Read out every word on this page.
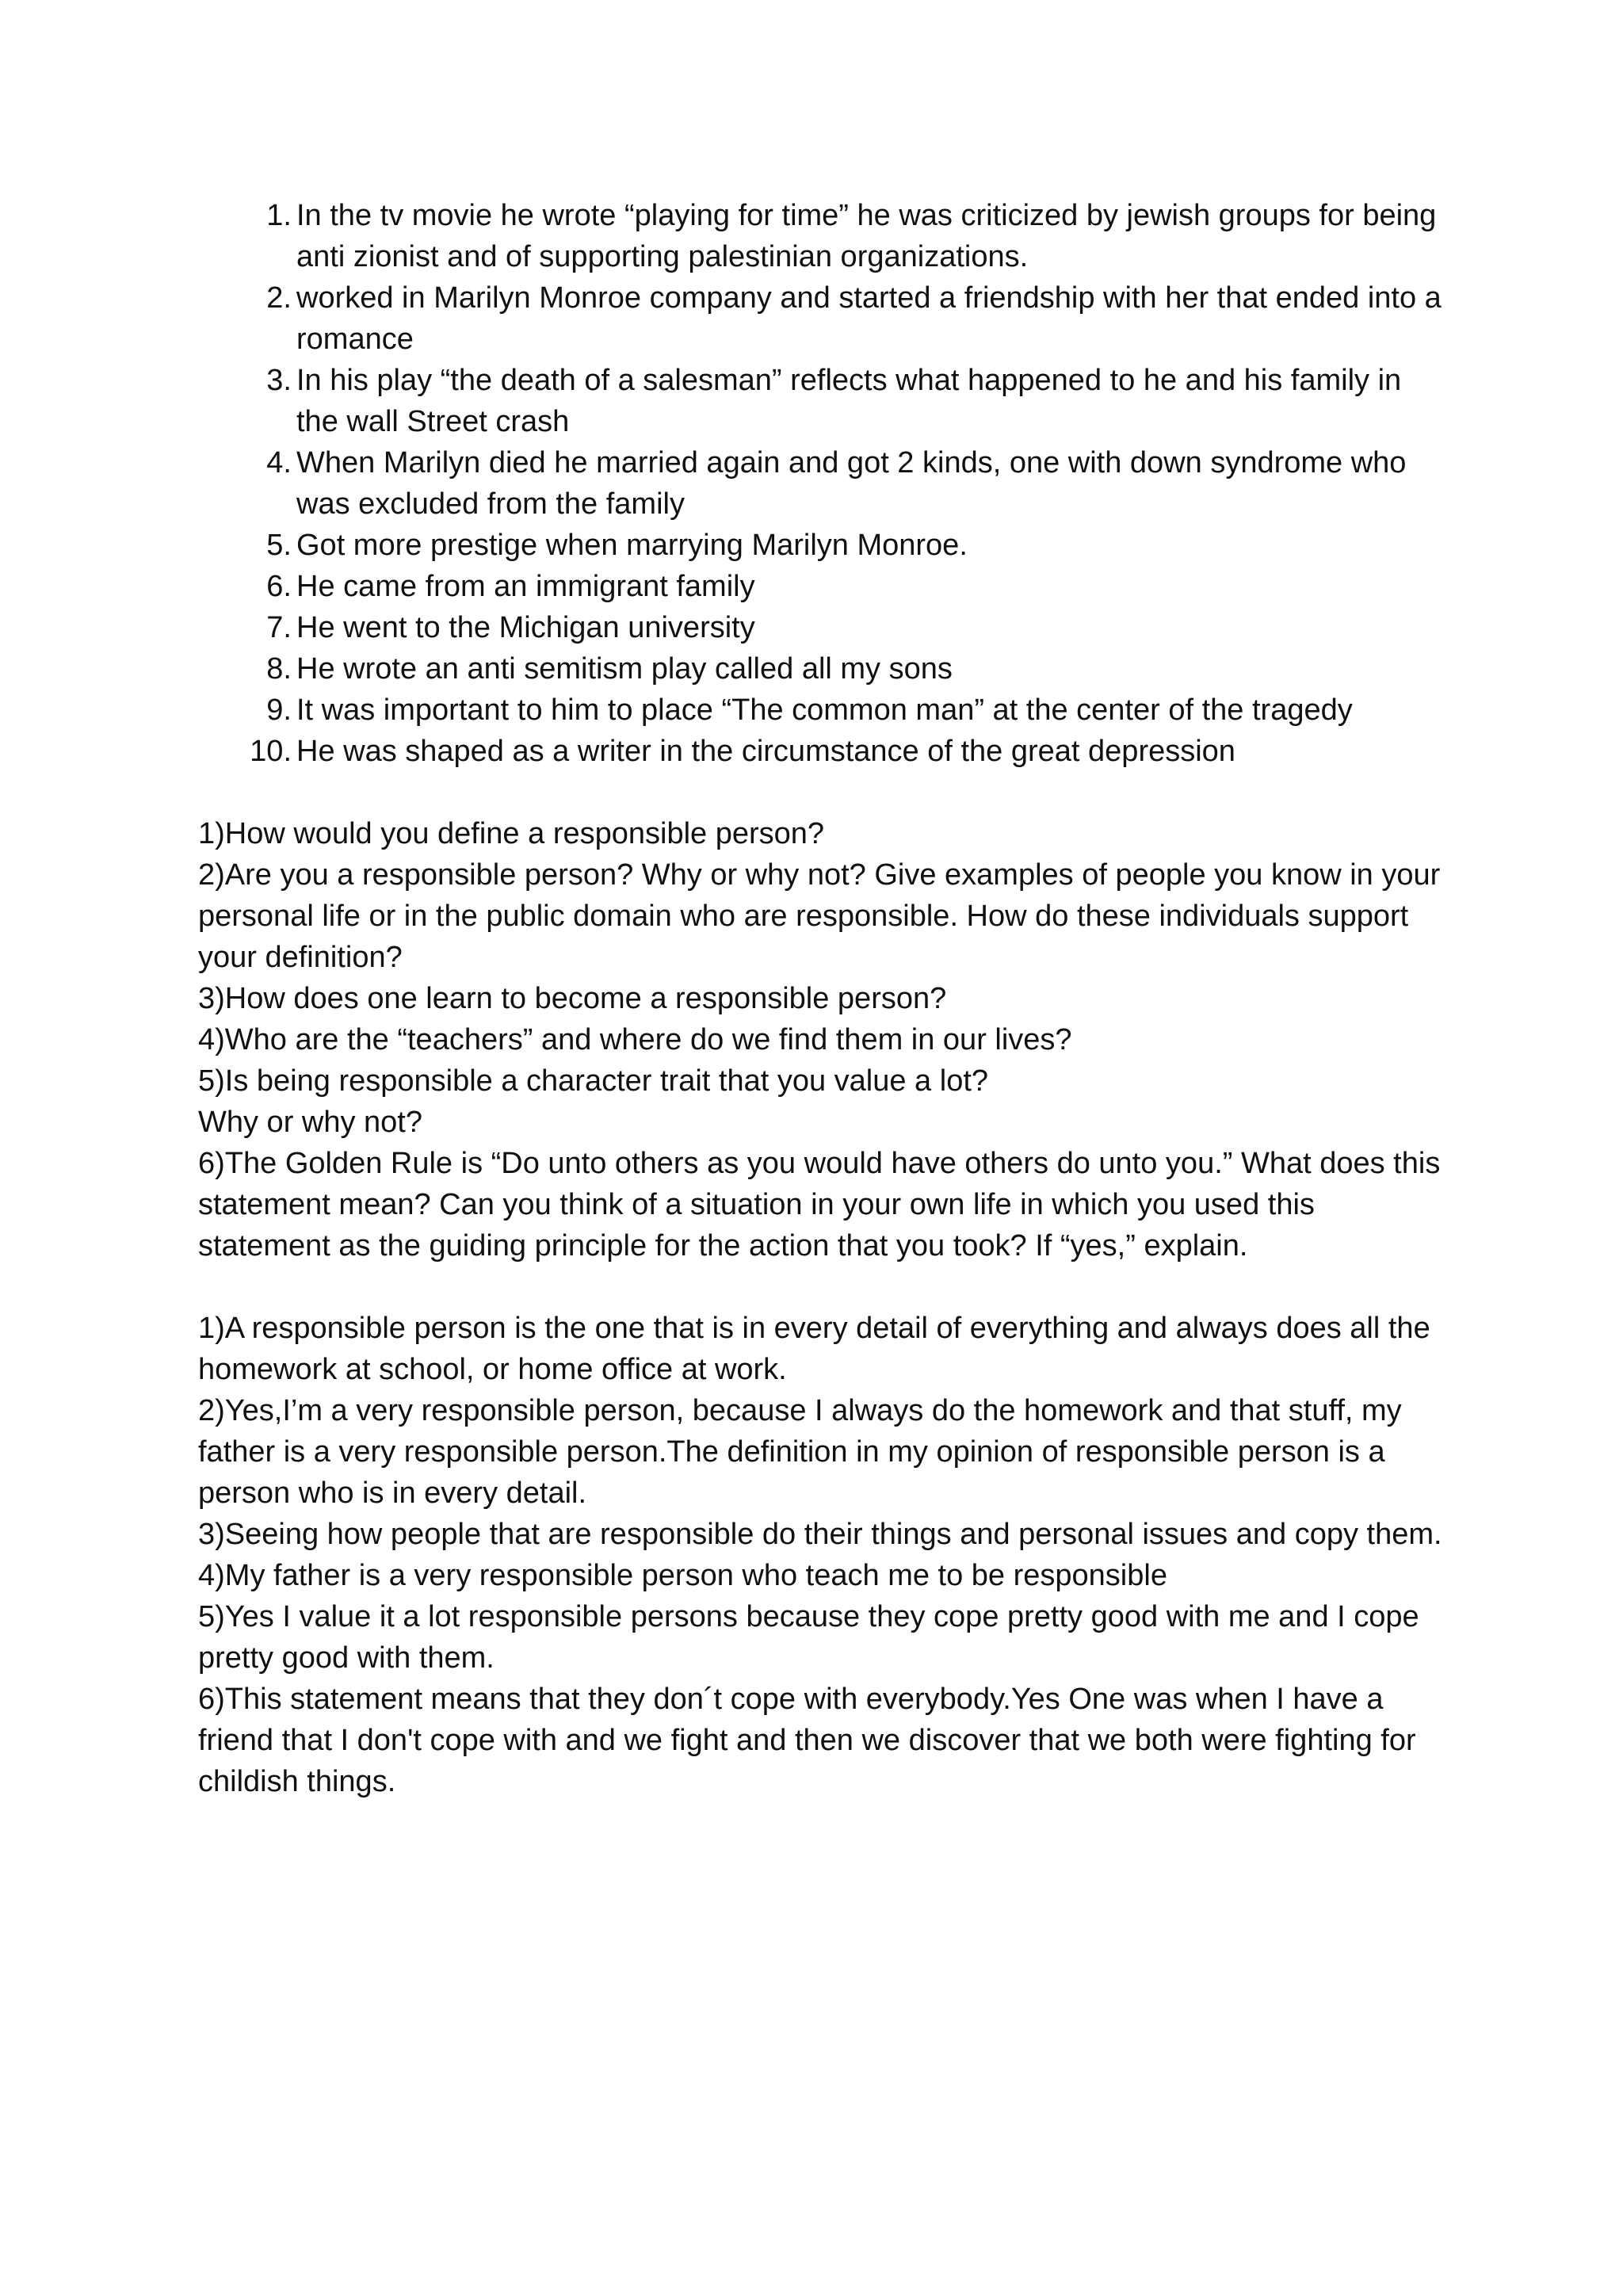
1. In the tv movie he wrote “playing for time” he was criticized by jewish groups for being anti zionist and of supporting palestinian organizations.
2. worked in Marilyn Monroe company and started a friendship with her that ended into a romance
3. In his play “the death of a salesman” reflects what happened to he and his family in the wall Street crash
4. When Marilyn died he married again and got 2 kinds, one with down syndrome who was excluded from the family
5. Got more prestige when marrying Marilyn Monroe.
6. He came from an immigrant family
7. He went to the Michigan university
8. He wrote an anti semitism play called all my sons
9. It was important to him to place “The common man” at the center of the tragedy
10. He was shaped as a writer in the circumstance of the great depression

1)How would you define a responsible person?

2)Are you a responsible person? Why or why not? Give examples of people you know in your personal life or in the public domain who are responsible. How do these individuals support your definition?

3)How does one learn to become a responsible person?

4)Who are the “teachers” and where do we find them in our lives?

5)Is being responsible a character trait that you value a lot?

Why or why not?

6)The Golden Rule is “Do unto others as you would have others do unto you.” What does this statement mean? Can you think of a situation in your own life in which you used this statement as the guiding principle for the action that you took? If “yes,” explain.

1)A responsible person is the one that is in every detail of everything and always does all the homework at school, or home office at work.

2)Yes,I’m a very responsible person, because I always do the homework and that stuff, my father is a very responsible person.The definition in my opinion of responsible person is a person who is in every detail.

3)Seeing how people that are responsible do their things and personal issues and copy them.

4)My father is a very responsible person who teach me to be responsible

5)Yes I value it a lot responsible persons because they cope pretty good with me and I cope pretty good with them.

6)This statement means that they don´t cope with everybody.Yes One was when I have a friend that I don't cope with and we fight and then we discover that we both were fighting for childish things.
